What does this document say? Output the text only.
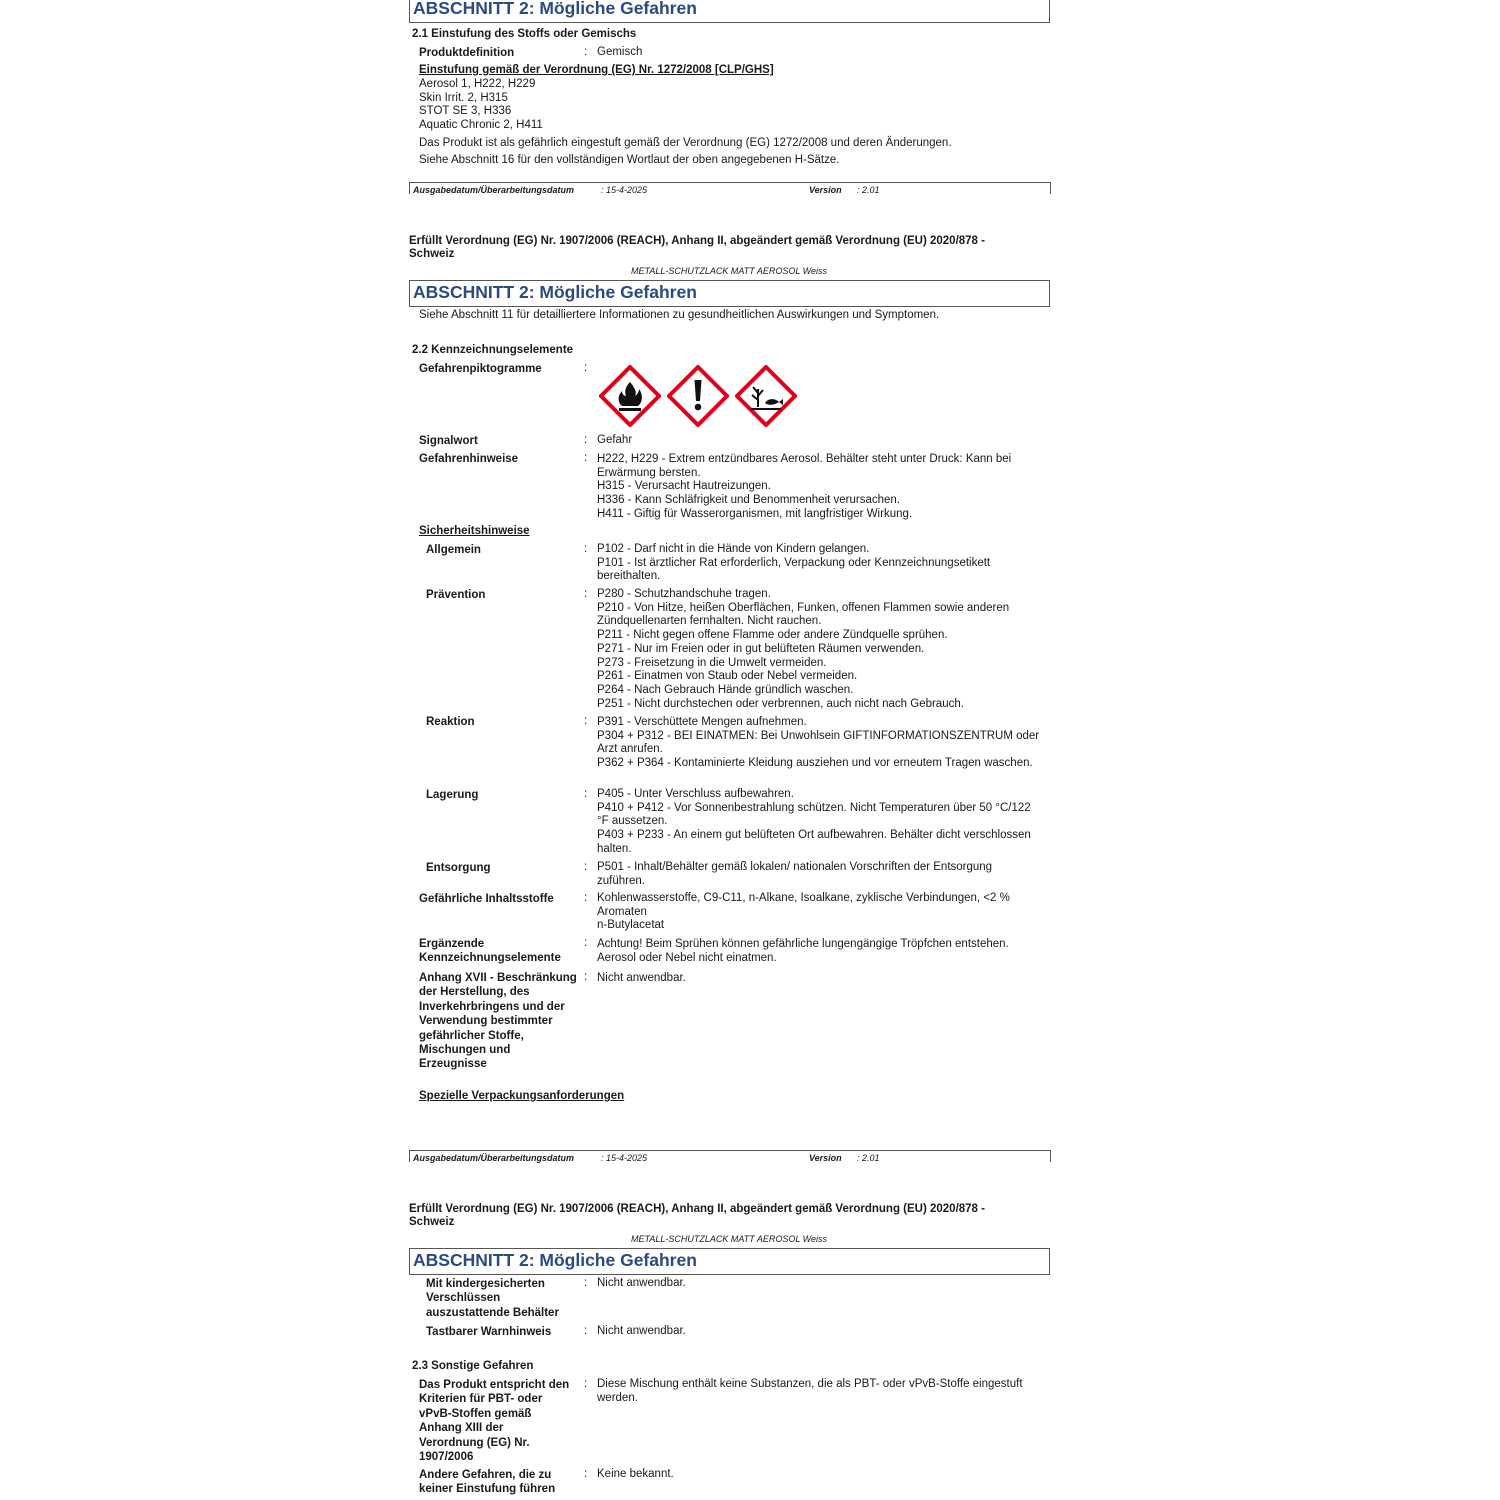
ABSCHNITT 2: Mögliche Gefahren
2.1 Einstufung des Stoffs oder Gemischs
Produktdefinition	: Gemisch
Einstufung gemäß der Verordnung (EG) Nr. 1272/2008 [CLP/GHS]
Aerosol 1, H222, H229
Skin Irrit. 2, H315
STOT SE 3, H336
Aquatic Chronic 2, H411
Das Produkt ist als gefährlich eingestuft gemäß der Verordnung (EG) 1272/2008 und deren Änderungen.
Siehe Abschnitt 16 für den vollständigen Wortlaut der oben angegebenen H-Sätze.
Ausgabedatum/Überarbeitungsdatum	: 15-4-2025	Version : 2.01
Erfüllt Verordnung (EG) Nr. 1907/2006 (REACH), Anhang II, abgeändert gemäß Verordnung (EU) 2020/878 -
Schweiz
METALL-SCHUTZLACK MATT AEROSOL Weiss
ABSCHNITT 2: Mögliche Gefahren
Siehe Abschnitt 11 für detailliertere Informationen zu gesundheitlichen Auswirkungen und Symptomen.
2.2 Kennzeichnungselemente
Gefahrenpiktogramme	:
Signalwort	: Gefahr
Gefahrenhinweise	: H222, H229 - Extrem entzündbares Aerosol. Behälter steht unter Druck: Kann bei Erwärmung bersten.
H315 - Verursacht Hautreizungen.
H336 - Kann Schläfrigkeit und Benommenheit verursachen.
H411 - Giftig für Wasserorganismen, mit langfristiger Wirkung.
Sicherheitshinweise
Allgemein	: P102 - Darf nicht in die Hände von Kindern gelangen.
P101 - Ist ärztlicher Rat erforderlich, Verpackung oder Kennzeichnungsetikett bereithalten.
Prävention	: P280 - Schutzhandschuhe tragen.
P210 - Von Hitze, heißen Oberflächen, Funken, offenen Flammen sowie anderen Zündquellenarten fernhalten. Nicht rauchen.
P211 - Nicht gegen offene Flamme oder andere Zündquelle sprühen.
P271 - Nur im Freien oder in gut belüfteten Räumen verwenden.
P273 - Freisetzung in die Umwelt vermeiden.
P261 - Einatmen von Staub oder Nebel vermeiden.
P264 - Nach Gebrauch Hände gründlich waschen.
P251 - Nicht durchstechen oder verbrennen, auch nicht nach Gebrauch.
Reaktion	: P391 - Verschüttete Mengen aufnehmen.
P304 + P312 - BEI EINATMEN: Bei Unwohlsein GIFTINFORMATIONSZENTRUM oder Arzt anrufen.
P362 + P364 - Kontaminierte Kleidung ausziehen und vor erneutem Tragen waschen.
Lagerung	: P405 - Unter Verschluss aufbewahren.
P410 + P412 - Vor Sonnenbestrahlung schützen. Nicht Temperaturen über 50 °C/122 °F aussetzen.
P403 + P233 - An einem gut belüfteten Ort aufbewahren. Behälter dicht verschlossen halten.
Entsorgung	: P501 - Inhalt/Behälter gemäß lokalen/ nationalen Vorschriften der Entsorgung zuführen.
Gefährliche Inhaltsstoffe	: Kohlenwasserstoffe, C9-C11, n-Alkane, Isoalkane, zyklische Verbindungen, <2 % Aromaten
n-Butylacetat
Ergänzende Kennzeichnungselemente
: Achtung! Beim Sprühen können gefährliche lungengängige Tröpfchen entstehen. Aerosol oder Nebel nicht einatmen.
Anhang XVII - Beschränkung der Herstellung, des Inverkehrbringens und der Verwendung bestimmter gefährlicher Stoffe, Mischungen und Erzeugnisse
: Nicht anwendbar.
Spezielle Verpackungsanforderungen
Ausgabedatum/Überarbeitungsdatum	: 15-4-2025	Version : 2.01
Erfüllt Verordnung (EG) Nr. 1907/2006 (REACH), Anhang II, abgeändert gemäß Verordnung (EU) 2020/878 -
Schweiz
METALL-SCHUTZLACK MATT AEROSOL Weiss
ABSCHNITT 2: Mögliche Gefahren
Mit kindergesicherten Verschlüssen auszustattende Behälter
: Nicht anwendbar.
Tastbarer Warnhinweis	: Nicht anwendbar.
2.3 Sonstige Gefahren
Das Produkt entspricht den Kriterien für PBT- oder vPvB-Stoffen gemäß Anhang XIII der Verordnung (EG) Nr. 1907/2006
: Diese Mischung enthält keine Substanzen, die als PBT- oder vPvB-Stoffe eingestuft werden.
Andere Gefahren, die zu keiner Einstufung führen
: Keine bekannt.
